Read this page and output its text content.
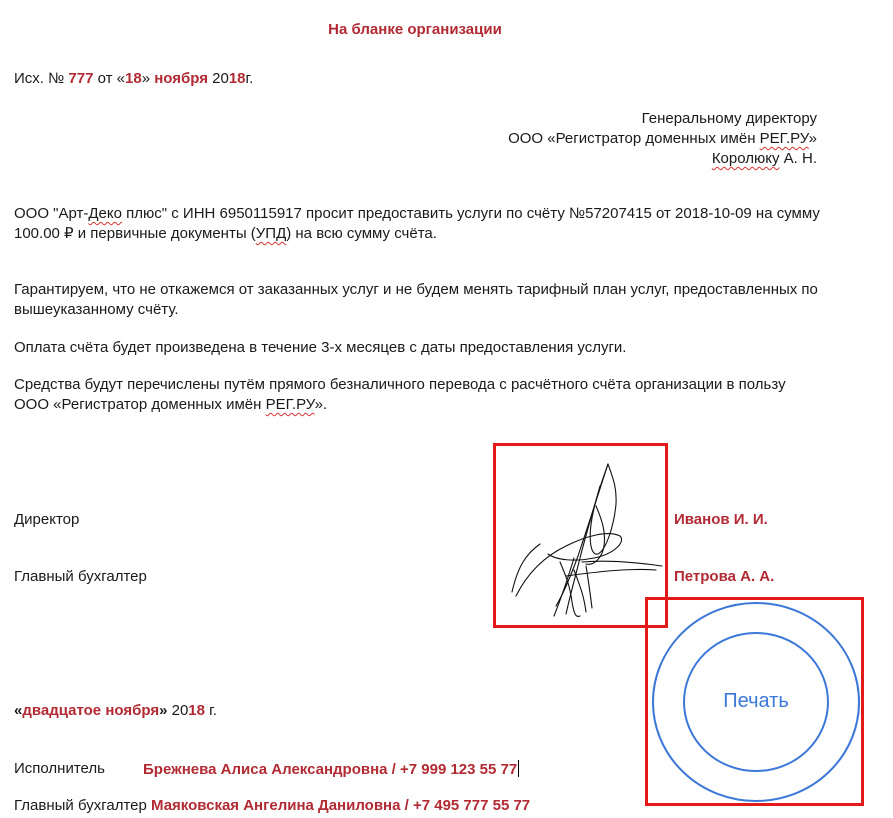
На бланке организации
Исх. № 777 от «18» ноября 2018г.
Генеральному директору
ООО «Регистратор доменных имён РЕГ.РУ»
Королюку А. Н.
ООО "Арт-Деко плюс" с ИНН 6950115917 просит предоставить услуги по счёту №57207415 от 2018-10-09 на сумму 100.00 ₽ и первичные документы (УПД) на всю сумму счёта.
Гарантируем, что не откажемся от заказанных услуг и не будем менять тарифный план услуг, предоставленных по вышеуказанному счёту.
Оплата счёта будет произведена в течение 3-х месяцев с даты предоставления услуги.
Средства будут перечислены путём прямого безналичного перевода с расчётного счёта организации в пользу ООО «Регистратор доменных имён РЕГ.РУ».
Директор	Иванов И. И.
Главный бухгалтер	Петрова А. А.
Печать
«двадцатое ноября» 2018 г.
Исполнитель	Брежнева Алиса Александровна / +7 999 123 55 77
Главный бухгалтер Маяковская Ангелина Даниловна / +7 495 777 55 77
